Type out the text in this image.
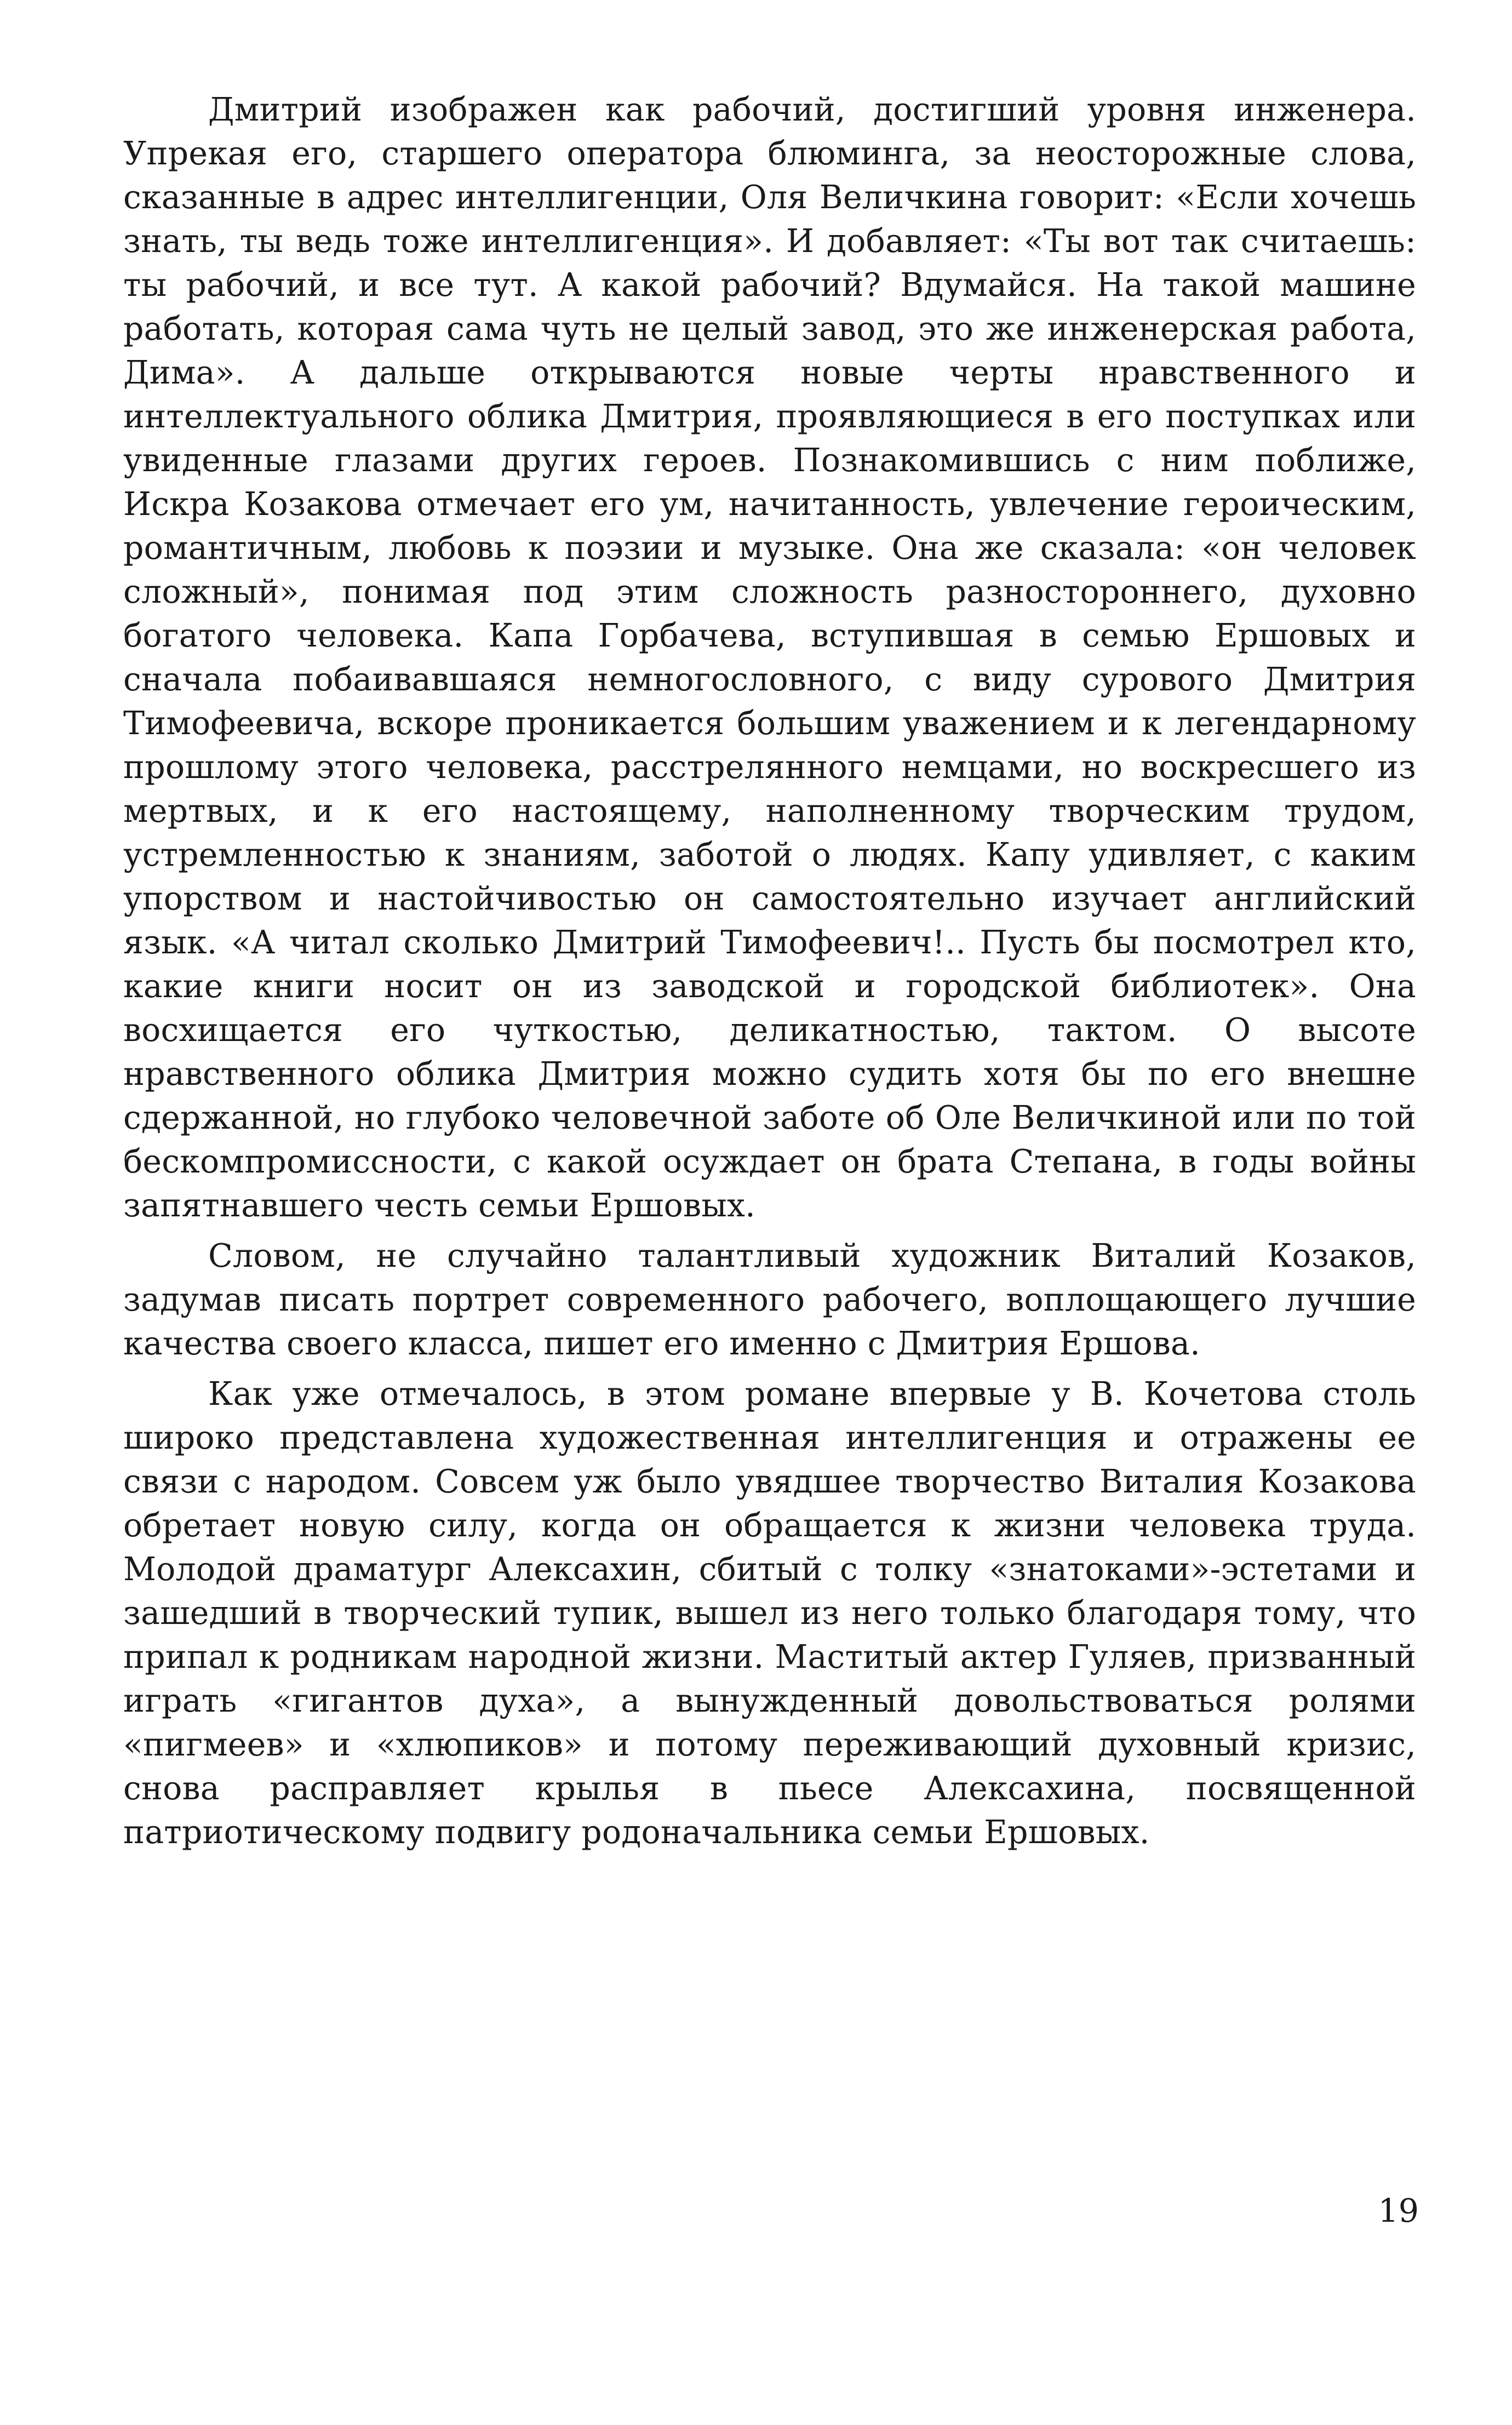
Дмитрий изображен как рабочий, достигший уровня инженера. Упрекая его, старшего оператора блюминга, за неосторожные слова, сказанные в адрес интеллигенции, Оля Величкина говорит: «Если хочешь знать, ты ведь тоже интеллигенция». И добавляет: «Ты вот так считаешь: ты рабочий, и все тут. А какой рабочий? Вдумайся. На такой машине работать, которая сама чуть не целый завод, это же инженерская работа, Дима». А дальше открываются новые черты нравственного и интеллектуального облика Дмитрия, проявляющиеся в его поступках или увиденные глазами других героев. Познакомившись с ним поближе, Искра Козакова отмечает его ум, начитанность, увлечение героическим, романтичным, любовь к поэзии и музыке. Она же сказала: «он человек сложный», понимая под этим сложность разностороннего, духовно богатого человека. Капа Горбачева, вступившая в семью Ершовых и сначала побаивавшаяся немногословного, с виду сурового Дмитрия Тимофеевича, вскоре проникается большим уважением и к легендарному прошлому этого человека, расстрелянного немцами, но воскресшего из мертвых, и к его настоящему, наполненному творческим трудом, устремленностью к знаниям, заботой о людях. Капу удивляет, с каким упорством и настойчивостью он самостоятельно изучает английский язык. «А читал сколько Дмитрий Тимофеевич!.. Пусть бы посмотрел кто, какие книги носит он из заводской и городской библиотек». Она восхищается его чуткостью, деликатностью, тактом. О высоте нравственного облика Дмитрия можно судить хотя бы по его внешне сдержанной, но глубоко человечной заботе об Оле Величкиной или по той бескомпромиссности, с какой осуждает он брата Степана, в годы войны запятнавшего честь семьи Ершовых.

Словом, не случайно талантливый художник Виталий Козаков, задумав писать портрет современного рабочего, воплощающего лучшие качества своего класса, пишет его именно с Дмитрия Ершова.

Как уже отмечалось, в этом романе впервые у В. Кочетова столь широко представлена художественная интеллигенция и отражены ее связи с народом. Совсем уж было увядшее творчество Виталия Козакова обретает новую силу, когда он обращается к жизни человека труда. Молодой драматург Алексахин, сбитый с толку «знатоками»-эстетами и зашедший в творческий тупик, вышел из него только благодаря тому, что припал к родникам народной жизни. Маститый актер Гуляев, призванный играть «гигантов духа», а вынужденный довольствоваться ролями «пигмеев» и «хлюпиков» и потому переживающий духовный кризис, снова расправляет крылья в пьесе Алексахина, посвященной патриотическому подвигу родоначальника семьи Ершовых.

19
